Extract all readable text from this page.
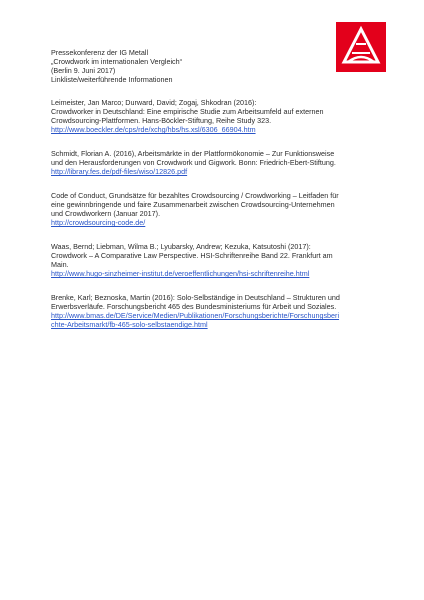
Pressekonferenz der IG Metall

„Crowdwork im internationalen Vergleich“

(Berlin 9. Juni 2017)

Linkliste/weiterführende Informationen

Leimeister, Jan Marco; Durward, David; Zogaj, Shkodran (2016):

Crowdworker in Deutschland: Eine empirische Studie zum Arbeitsumfeld auf externen

Crowdsourcing-Plattformen. Hans-Böckler-Stiftung, Reihe Study 323.

http://www.boeckler.de/cps/rde/xchg/hbs/hs.xsl/6306_66904.htm

Schmidt, Florian A. (2016), Arbeitsmärkte in der Plattformökonomie – Zur Funktionsweise

und den Herausforderungen von Crowdwork und Gigwork. Bonn: Friedrich-Ebert-Stiftung.

http://library.fes.de/pdf-files/wiso/12826.pdf

Code of Conduct, Grundsätze für bezahltes Crowdsourcing / Crowdworking – Leitfaden für

eine gewinnbringende und faire Zusammenarbeit zwischen Crowdsourcing-Unternehmen

und Crowdworkern (Januar 2017).

http://crowdsourcing-code.de/

Waas, Bernd; Liebman, Wilma B.; Lyubarsky, Andrew; Kezuka, Katsutoshi (2017):

Crowdwork – A Comparative Law Perspective. HSI-Schriftenreihe Band 22. Frankfurt am

Main.

http://www.hugo-sinzheimer-institut.de/veroeffentlichungen/hsi-schriftenreihe.html

Brenke, Karl; Beznoska, Martin (2016): Solo-Selbständige in Deutschland – Strukturen und

Erwerbsverläufe. Forschungsbericht 465 des Bundesministeriums für Arbeit und Soziales.

http://www.bmas.de/DE/Service/Medien/Publikationen/Forschungsberichte/Forschungsberichte-Arbeitsmarkt/fb-465-solo-selbstaendige.html
